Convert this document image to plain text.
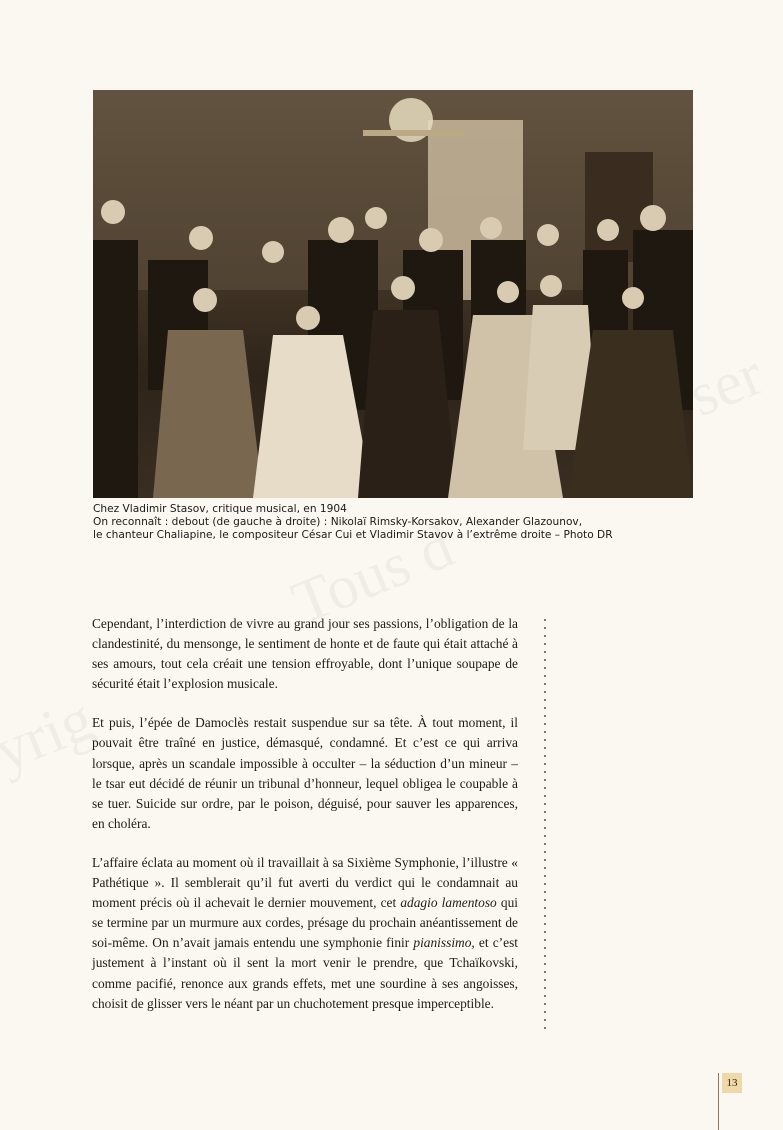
Chez Vladimir Stasov, critique musical, en 1904
On reconnaît : debout (de gauche à droite) : Nikolaï Rimsky-Korsakov, Alexander Glazounov,
le chanteur Chaliapine, le compositeur César Cui et Vladimir Stavov à l’extrême droite – Photo DR

Cependant, l’interdiction de vivre au grand jour ses passions, l’obligation de la clandestinité, du mensonge, le sentiment de honte et de faute qui était attaché à ses amours, tout cela créait une tension effroyable, dont l’unique soupape de sécurité était l’explosion musicale.

Et puis, l’épée de Damoclès restait suspendue sur sa tête. À tout moment, il pouvait être traîné en justice, démasqué, condamné. Et c’est ce qui arriva lorsque, après un scandale impossible à occulter – la séduction d’un mineur – le tsar eut décidé de réunir un tribunal d’honneur, lequel obligea le coupable à se tuer. Suicide sur ordre, par le poison, déguisé, pour sauver les apparences, en choléra.

L’affaire éclata au moment où il travaillait à sa Sixième Symphonie, l’illustre « Pathétique ». Il semblerait qu’il fut averti du verdict qui le condamnait au moment précis où il achevait le dernier mouvement, cet adagio lamentoso qui se termine par un murmure aux cordes, présage du prochain anéantissement de soi-même. On n’avait jamais entendu une symphonie finir pianissimo, et c’est justement à l’instant où il sent la mort venir le prendre, que Tchaïkovski, comme pacifié, renonce aux grands effets, met une sourdine à ses angoisses, choisit de glisser vers le néant par un chuchotement presque imperceptible.

13
